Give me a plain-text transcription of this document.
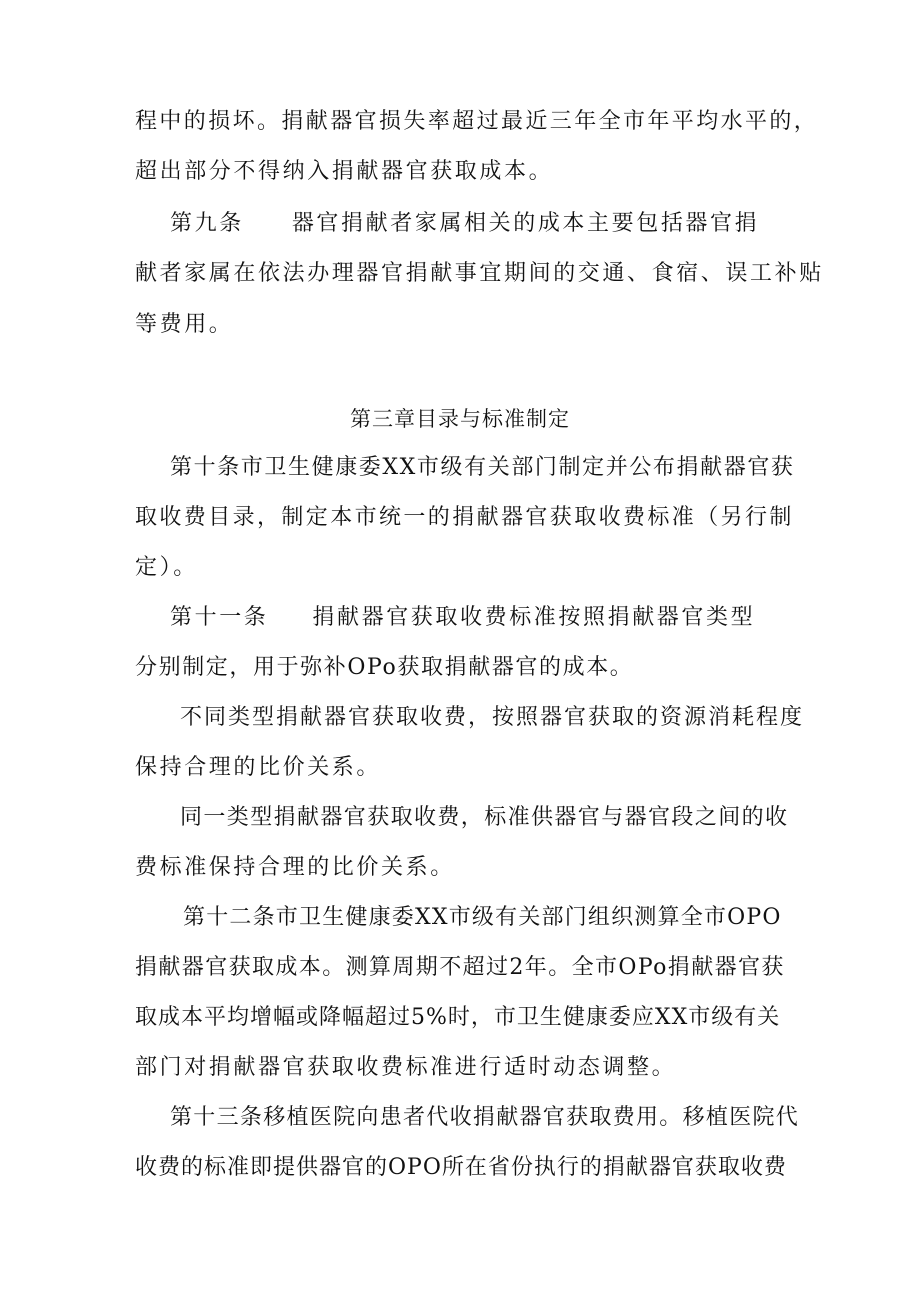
程中的损坏。捐献器官损失率超过最近三年全市年平均水平的，
超出部分不得纳入捐献器官获取成本。
第九条 器官捐献者家属相关的成本主要包括器官捐
献者家属在依法办理器官捐献事宜期间的交通、食宿、误工补贴
等费用。
第三章目录与标准制定
第十条市卫生健康委XX市级有关部门制定并公布捐献器官获
取收费目录，制定本市统一的捐献器官获取收费标准（另行制
定）。
第十一条 捐献器官获取收费标准按照捐献器官类型
分别制定，用于弥补OPo获取捐献器官的成本。
不同类型捐献器官获取收费，按照器官获取的资源消耗程度
保持合理的比价关系。
同一类型捐献器官获取收费，标准供器官与器官段之间的收
费标准保持合理的比价关系。
第十二条市卫生健康委XX市级有关部门组织测算全市OPO
捐献器官获取成本。测算周期不超过2年。全市OPo捐献器官获
取成本平均增幅或降幅超过5%时，市卫生健康委应XX市级有关
部门对捐献器官获取收费标准进行适时动态调整。
第十三条移植医院向患者代收捐献器官获取费用。移植医院代
收费的标准即提供器官的OPO所在省份执行的捐献器官获取收费
